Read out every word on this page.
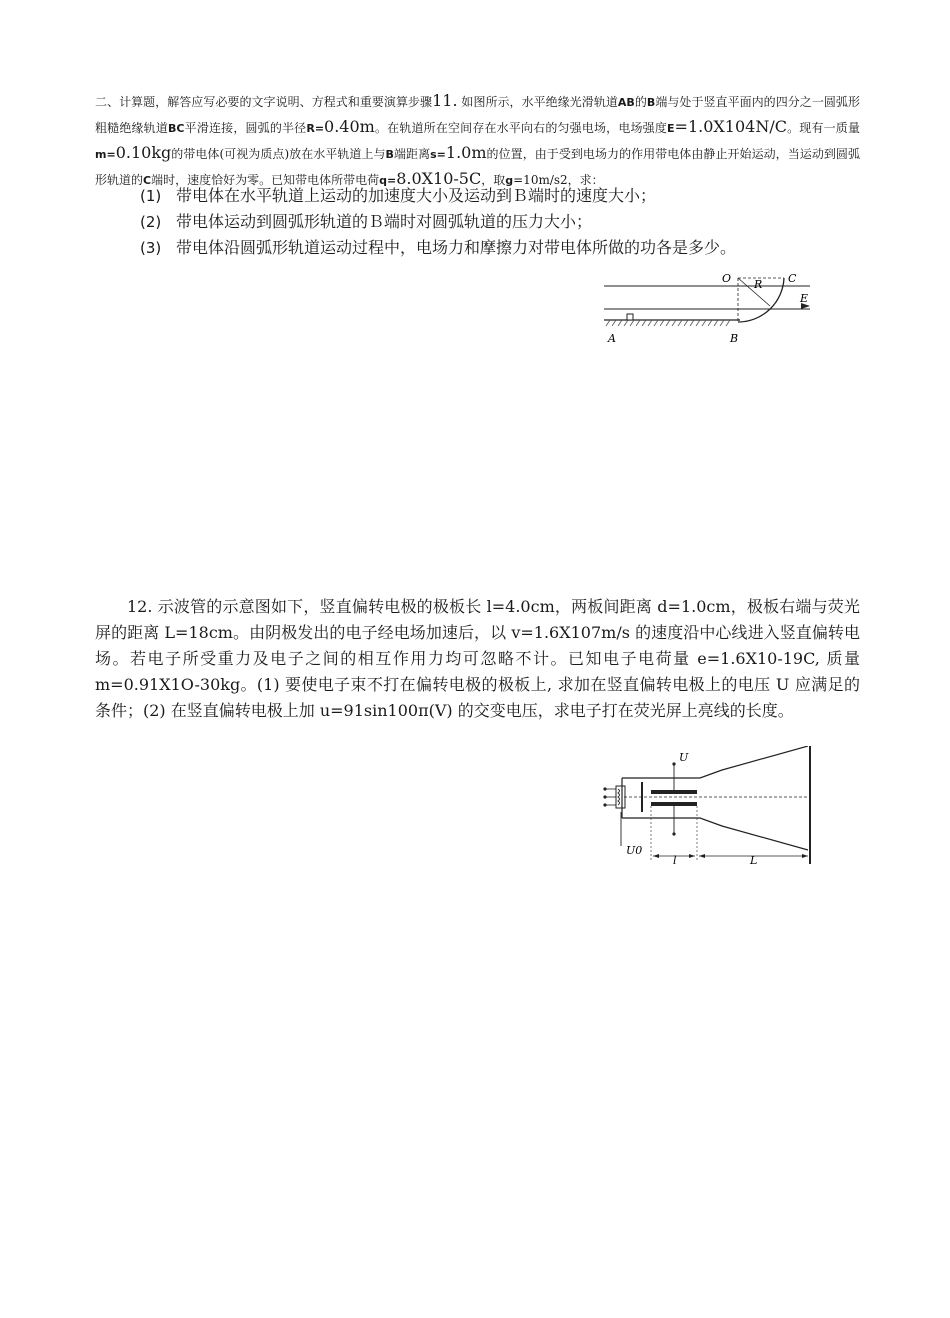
二、计算题，解答应写必要的文字说明、方程式和重要演算步骤11. 如图所示，水平绝缘光滑轨道AB的B端与处于竖直平面内的四分之一圆弧形粗糙绝缘轨道BC平滑连接，圆弧的半径R=0.40m。在轨道所在空间存在水平向右的匀强电场，电场强度E=1.0X104N/C。现有一质量m=0.10kg的带电体(可视为质点)放在水平轨道上与B端距离s=1.0m的位置，由于受到电场力的作用带电体由静止开始运动，当运动到圆弧形轨道的C端时，速度恰好为零。已知带电体所带电荷q=8.0X10-5C，取g=10m/s2，求：
(1) 带电体在水平轨道上运动的加速度大小及运动到Ｂ端时的速度大小；
(2) 带电体运动到圆弧形轨道的Ｂ端时对圆弧轨道的压力大小；
(3) 带电体沿圆弧形轨道运动过程中，电场力和摩擦力对带电体所做的功各是多少。
O R C
E
A	B
12. 示波管的示意图如下，竖直偏转电极的极板长 l=4.0cm，两板间距离 d=1.0cm，极板右端与荧光屏的距离 L=18cm。由阴极发出的电子经电场加速后，以 v=1.6X107m/s 的速度沿中心线进入竖直偏转电场。若电子所受重力及电子之间的相互作用力均可忽略不计。已知电子电荷量 e=1.6X10-19C, 质量 m=0.91X1O-30kg。(1) 要使电子束不打在偏转电极的极板上, 求加在竖直偏转电极上的电压 U 应满足的条件；(2) 在竖直偏转电极上加 u=91sin100π(V) 的交变电压，求电子打在荧光屏上亮线的长度。
U
U0
l	L
